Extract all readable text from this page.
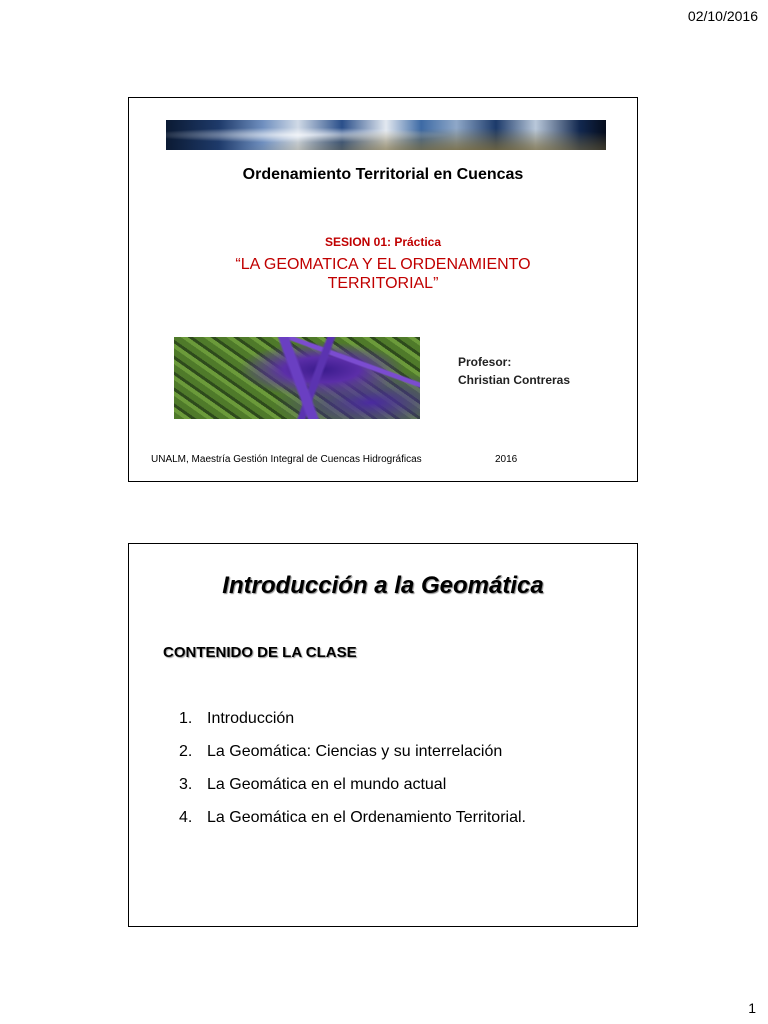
02/10/2016
Ordenamiento Territorial en Cuencas
SESION 01: Práctica
“LA GEOMATICA Y EL ORDENAMIENTO TERRITORIAL”
Profesor:
Christian Contreras
UNALM, Maestría Gestión Integral de Cuencas Hidrográficas	2016
Introducción a la Geomática
CONTENIDO DE LA CLASE
1. Introducción
2. La Geomática: Ciencias y su interrelación
3. La Geomática en el mundo actual
4. La Geomática en el Ordenamiento Territorial.
1
